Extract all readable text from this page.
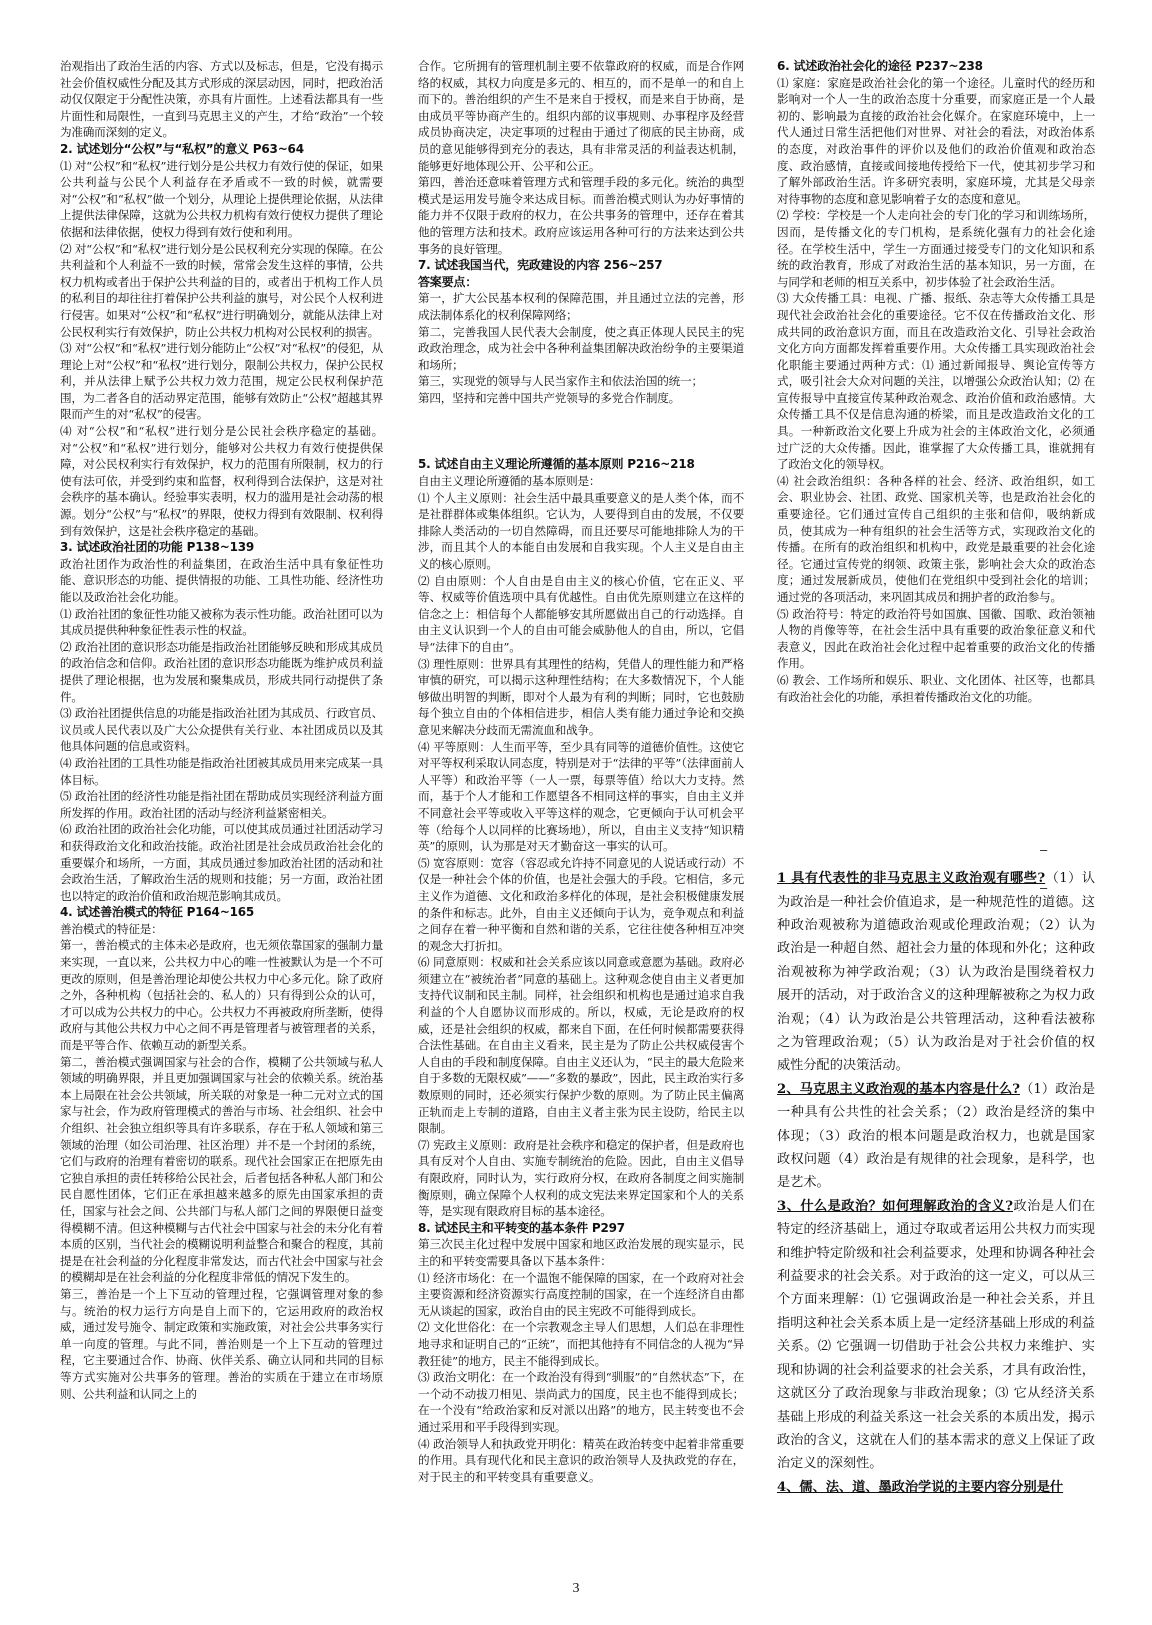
治观指出了政治生活的内容、方式以及标志，但是，它没有揭示社会价值权威性分配及其方式形成的深层动因，同时，把政治活动仅仅限定于分配性决策，亦具有片面性。上述看法都具有一些片面性和局限性，一直到马克思主义的产生，才给“政治”一个较为准确而深刻的定义。

2. 试述划分“公权”与“私权”的意义 P63~64

⑴ 对“公权”和“私权”进行划分是公共权力有效行使的保证，如果公共利益与公民个人利益存在矛盾或不一致的时候，就需要对“公权”和“私权”做一个划分，从理论上提供理论依据，从法律上提供法律保障，这就为公共权力机构有效行使权力提供了理论依据和法律依据，使权力得到有效行使和利用。

⑵ 对“公权”和“私权”进行划分是公民权利充分实现的保障。在公共利益和个人利益不一致的时候，常常会发生这样的事情，公共权力机构或者出于保护公共利益的目的，或者出于机构工作人员的私利目的却往往打着保护公共利益的旗号，对公民个人权利进行侵害。如果对“公权”和“私权”进行明确划分，就能从法律上对公民权利实行有效保护，防止公共权力机构对公民权利的损害。

⑶ 对“公权”和“私权”进行划分能防止“公权”对“私权”的侵犯，从理论上对“公权”和“私权”进行划分，限制公共权力，保护公民权利，并从法律上赋予公共权力效力范围，规定公民权利保护范围，为二者各自的活动界定范围，能够有效防止“公权”超越其界限而产生的对“私权”的侵害。

⑷ 对“公权”和“私权”进行划分是公民社会秩序稳定的基础。对“公权”和“私权”进行划分，能够对公共权力有效行使提供保障，对公民权利实行有效保护，权力的范围有所限制，权力的行使有法可依，并受到约束和监督，权利得到合法保护，这是对社会秩序的基本确认。经验事实表明，权力的滥用是社会动荡的根源。划分“公权”与“私权”的界限，使权力得到有效限制、权利得到有效保护，这是社会秩序稳定的基础。

3. 试述政治社团的功能 P138~139

政治社团作为政治性的利益集团，在政治生活中具有象征性功能、意识形态的功能、提供情报的功能、工具性功能、经济性功能以及政治社会化功能。

⑴ 政治社团的象征性功能又被称为表示性功能。政治社团可以为其成员提供种种象征性表示性的权益。

⑵ 政治社团的意识形态功能是指政治社团能够反映和形成其成员的政治信念和信仰。政治社团的意识形态功能既为维护成员利益提供了理论根据，也为发展和聚集成员，形成共同行动提供了条件。

⑶ 政治社团提供信息的功能是指政治社团为其成员、行政官员、议员或人民代表以及广大公众提供有关行业、本社团成员以及其他具体问题的信息或资料。

⑷ 政治社团的工具性功能是指政治社团被其成员用来完成某一具体目标。

⑸ 政治社团的经济性功能是指社团在帮助成员实现经济利益方面所发挥的作用。政治社团的活动与经济利益紧密相关。

⑹ 政治社团的政治社会化功能，可以使其成员通过社团活动学习和获得政治文化和政治技能。政治社团是社会成员政治社会化的重要媒介和场所，一方面，其成员通过参加政治社团的活动和社会政治生活，了解政治生活的规则和技能；另一方面，政治社团也以特定的政治价值和政治规范影响其成员。

4. 试述善治模式的特征 P164~165

善治模式的特征是：

第一，善治模式的主体未必是政府，也无须依靠国家的强制力量来实现，一直以来，公共权力中心的唯一性被默认为是一个不可更改的原则，但是善治理论却使公共权力中心多元化。除了政府之外，各种机构（包括社会的、私人的）只有得到公众的认可，才可以成为公共权力的中心。公共权力不再被政府所垄断，使得政府与其他公共权力中心之间不再是管理者与被管理者的关系，而是平等合作、依赖互动的新型关系。

第二，善治模式强调国家与社会的合作，模糊了公共领域与私人领域的明确界限，并且更加强调国家与社会的依赖关系。统治基本上局限在社会公共领域，所关联的对象是一种二元对立式的国家与社会，作为政府管理模式的善治与市场、社会组织、社会中介组织、社会独立组织等具有许多联系，存在于私人领域和第三领域的治理（如公司治理、社区治理）并不是一个封闭的系统，它们与政府的治理有着密切的联系。现代社会国家正在把原先由它独自承担的责任转移给公民社会，后者包括各种私人部门和公民自愿性团体，它们正在承担越来越多的原先由国家承担的责任，国家与社会之间、公共部门与私人部门之间的界限便日益变得模糊不清。但这种模糊与古代社会中国家与社会的未分化有着本质的区别，当代社会的模糊说明利益整合和聚合的程度，其前提是在社会利益的分化程度非常发达，而古代社会中国家与社会的模糊却是在社会利益的分化程度非常低的情况下发生的。

第三，善治是一个上下互动的管理过程，它强调管理对象的参与。统治的权力运行方向是自上而下的，它运用政府的政治权威，通过发号施令、制定政策和实施政策，对社会公共事务实行单一向度的管理。与此不同，善治则是一个上下互动的管理过程，它主要通过合作、协商、伙伴关系、确立认同和共同的目标等方式实施对公共事务的管理。善治的实质在于建立在市场原则、公共利益和认同之上的

合作。它所拥有的管理机制主要不依靠政府的权威，而是合作网络的权威，其权力向度是多元的、相互的，而不是单一的和自上而下的。善治组织的产生不是来自于授权，而是来自于协商，是由成员平等协商产生的。组织内部的议事规则、办事程序及经营成员协商决定，决定事项的过程由于通过了彻底的民主协商，成员的意见能够得到充分的表达，具有非常灵活的利益表达机制，能够更好地体现公开、公平和公正。

第四，善治还意味着管理方式和管理手段的多元化。统治的典型模式是运用发号施令来达成目标。而善治模式则认为办好事情的能力并不仅限于政府的权力，在公共事务的管理中，还存在着其他的管理方法和技术。政府应该运用各种可行的方法来达到公共事务的良好管理。

7. 试述我国当代，宪政建设的内容 256~257
答案要点：

第一，扩大公民基本权利的保障范围，并且通过立法的完善，形成法制体系化的权利保障网络；

第二，完善我国人民代表大会制度，使之真正体现人民民主的宪政政治理念，成为社会中各种利益集团解决政治纷争的主要渠道和场所；

第三，实现党的领导与人民当家作主和依法治国的统一；

第四，坚持和完善中国共产党领导的多党合作制度。

5. 试述自由主义理论所遵循的基本原则 P216~218

自由主义理论所遵循的基本原则是：

⑴ 个人主义原则：社会生活中最具重要意义的是人类个体，而不是社群群体或集体组织。它认为，人要得到自由的发展，不仅要排除人类活动的一切自然障碍，而且还要尽可能地排除人为的干涉，而且其个人的本能自由发展和自我实现。个人主义是自由主义的核心原则。

⑵ 自由原则：个人自由是自由主义的核心价值，它在正义、平等、权威等价值选项中具有优越性。自由优先原则建立在这样的信念之上：相信每个人都能够安其所愿做出自己的行动选择。自由主义认识到一个人的自由可能会威胁他人的自由，所以，它倡导“法律下的自由”。

⑶ 理性原则：世界具有其理性的结构，凭借人的理性能力和严格审慎的研究，可以揭示这种理性结构；在大多数情况下，个人能够做出明智的判断，即对个人最为有利的判断；同时，它也鼓励每个独立自由的个体相信进步，相信人类有能力通过争论和交换意见来解决分歧而无需流血和战争。

⑷ 平等原则：人生而平等，至少具有同等的道德价值性。这使它对平等权利采取认同态度，特别是对于“法律的平等”（法律面前人人平等）和政治平等（一人一票，每票等值）给以大力支持。然而，基于个人才能和工作愿望各不相同这样的事实，自由主义并不同意社会平等或收入平等这样的观念，它更倾向于认可机会平等（给每个人以同样的比赛场地），所以，自由主义支持“知识精英”的原则，认为那是对天才勤奋这一事实的认可。

⑸ 宽容原则：宽容（容忍或允许持不同意见的人说话或行动）不仅是一种社会个体的价值，也是社会强大的手段。它相信，多元主义作为道德、文化和政治多样化的体现，是社会积极健康发展的条件和标志。此外，自由主义还倾向于认为，竞争观点和利益之间存在着一种平衡和自然和谐的关系，它往往使各种相互冲突的观念大打折扣。

⑹ 同意原则：权威和社会关系应该以同意或意愿为基础。政府必须建立在“被统治者”同意的基础上。这种观念使自由主义者更加支持代议制和民主制。同样，社会组织和机构也是通过追求自我利益的个人自愿协议而形成的。所以，权威，无论是政府的权威，还是社会组织的权威，都来自下面，在任何时候都需要获得合法性基础。在自由主义看来，民主是为了防止公共权威侵害个人自由的手段和制度保障。自由主义还认为，“民主的最大危险来自于多数的无限权威”——“多数的暴政”，因此，民主政治实行多数原则的同时，还必须实行保护少数的原则。为了防止民主偏离正轨而走上专制的道路，自由主义者主张为民主设防，给民主以限制。

⑺ 宪政主义原则：政府是社会秩序和稳定的保护者，但是政府也具有反对个人自由、实施专制统治的危险。因此，自由主义倡导有限政府，同时认为，实行政府分权，在政府各制度之间实施制衡原则，确立保障个人权利的成文宪法来界定国家和个人的关系等，是实现有限政府目标的基本途径。

8. 试述民主和平转变的基本条件 P297

第三次民主化过程中发展中国家和地区政治发展的现实显示，民主的和平转变需要具备以下基本条件：

⑴ 经济市场化：在一个温饱不能保障的国家，在一个政府对社会主要资源和经济资源实行高度控制的国家，在一个连经济自由都无从谈起的国家，政治自由的民主宪政不可能得到成长。

⑵ 文化世俗化：在一个宗教观念主导人们思想，人们总在非理性地寻求和证明自己的“正统”，而把其他持有不同信念的人视为“异教狂徒”的地方，民主不能得到成长。

⑶ 政治文明化：在一个政治没有得到“驯服”的“自然状态”下，在一个动不动拔刀相见、崇尚武力的国度，民主也不能得到成长；在一个没有“给政治家和反对派以出路”的地方，民主转变也不会通过采用和平手段得到实现。

⑷ 政治领导人和执政党开明化：精英在政治转变中起着非常重要的作用。具有现代化和民主意识的政治领导人及执政党的存在，对于民主的和平转变具有重要意义。

6. 试述政治社会化的途径 P237~238

⑴ 家庭：家庭是政治社会化的第一个途径。儿童时代的经历和影响对一个人一生的政治态度十分重要，而家庭正是一个人最初的、影响最为直接的政治社会化媒介。在家庭环境中，上一代人通过日常生活把他们对世界、对社会的看法，对政治体系的态度，对政治事件的评价以及他们的政治价值观和政治态度、政治感情，直接或间接地传授给下一代，使其初步学习和了解外部政治生活。许多研究表明，家庭环境，尤其是父母亲对待事物的态度和意见影响着子女的态度和意见。

⑵ 学校：学校是一个人走向社会的专门化的学习和训练场所，因而，是传播文化的专门机构，是系统化强有力的社会化途径。在学校生活中，学生一方面通过接受专门的文化知识和系统的政治教育，形成了对政治生活的基本知识，另一方面，在与同学和老师的相互关系中，初步体验了社会政治生活。

⑶ 大众传播工具：电视、广播、报纸、杂志等大众传播工具是现代社会政治社会化的重要途径。它不仅在传播政治文化、形成共同的政治意识方面，而且在改造政治文化、引导社会政治文化方向方面都发挥着重要作用。大众传播工具实现政治社会化职能主要通过两种方式：⑴ 通过新闻报导、舆论宣传等方式，吸引社会大众对问题的关注，以增强公众政治认知；⑵ 在宣传报导中直接宣传某种政治观念、政治价值和政治感情。大众传播工具不仅是信息沟通的桥梁，而且是改造政治文化的工具。一种新政治文化要上升成为社会的主体政治文化，必须通过广泛的大众传播。因此，谁掌握了大众传播工具，谁就拥有了政治文化的领导权。

⑷ 社会政治组织：各种各样的社会、经济、政治组织，如工会、职业协会、社团、政党、国家机关等，也是政治社会化的重要途径。它们通过宣传自己组织的主张和信仰，吸纳新成员，使其成为一种有组织的社会生活等方式，实现政治文化的传播。在所有的政治组织和机构中，政党是最重要的社会化途径。它通过宣传党的纲领、政策主张，影响社会大众的政治态度；通过发展新成员，使他们在党组织中受到社会化的培训；通过党的各项活动，来巩固其成员和拥护者的政治参与。

⑸ 政治符号：特定的政治符号如国旗、国徽、国歌、政治领袖人物的肖像等等，在社会生活中具有重要的政治象征意义和代表意义，因此在政治社会化过程中起着重要的政治文化的传播作用。

⑹ 教会、工作场所和娱乐、职业、文化团体、社区等，也都具有政治社会化的功能，承担着传播政治文化的功能。

1 具有代表性的非马克思主义政治观有哪些?（1）认为政治是一种社会价值追求，是一种规范性的道德。这种政治观被称为道德政治观或伦理政治观；（2）认为政治是一种超自然、超社会力量的体现和外化；这种政治观被称为神学政治观；（3）认为政治是围绕着权力展开的活动，对于政治含义的这种理解被称之为权力政治观；（4）认为政治是公共管理活动，这种看法被称之为管理政治观；（5）认为政治是对于社会价值的权威性分配的决策活动。

2、马克思主义政治观的基本内容是什么?（1）政治是一种具有公共性的社会关系；（2）政治是经济的集中体现；（3）政治的根本问题是政治权力，也就是国家政权问题（4）政治是有规律的社会现象，是科学，也是艺术。

3、什么是政治？如何理解政治的含义?政治是人们在特定的经济基础上，通过夺取或者运用公共权力而实现和维护特定阶级和社会利益要求，处理和协调各种社会利益要求的社会关系。对于政治的这一定义，可以从三个方面来理解：⑴ 它强调政治是一种社会关系，并且指明这种社会关系本质上是一定经济基础上形成的利益关系。⑵ 它强调一切借助于社会公共权力来维护、实现和协调的社会利益要求的社会关系，才具有政治性，这就区分了政治现象与非政治现象；⑶ 它从经济关系基础上形成的利益关系这一社会关系的本质出发，揭示政治的含义，这就在人们的基本需求的意义上保证了政治定义的深刻性。

4、儒、法、道、墨政治学说的主要内容分别是什

–
–
3
